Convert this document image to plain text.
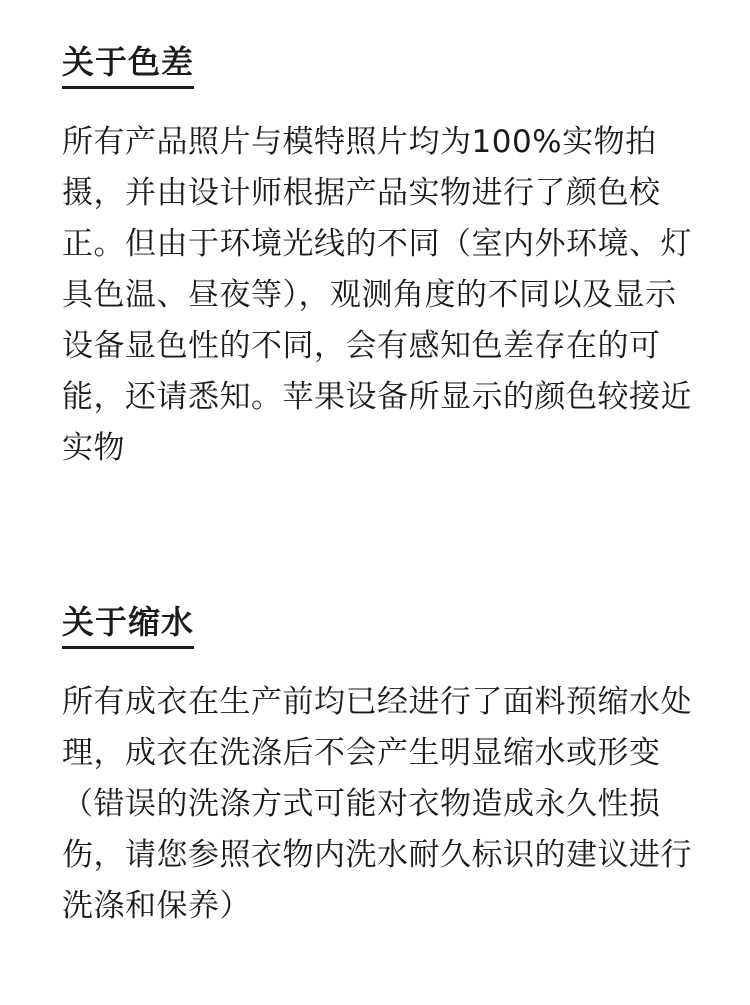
关于色差

所有产品照片与模特照片均为100%实物拍摄，并由设计师根据产品实物进行了颜色校正。但由于环境光线的不同（室内外环境、灯具色温、昼夜等），观测角度的不同以及显示设备显色性的不同，会有感知色差存在的可能，还请悉知。苹果设备所显示的颜色较接近实物

关于缩水

所有成衣在生产前均已经进行了面料预缩水处理，成衣在洗涤后不会产生明显缩水或形变（错误的洗涤方式可能对衣物造成永久性损伤，请您参照衣物内洗水耐久标识的建议进行洗涤和保养）
